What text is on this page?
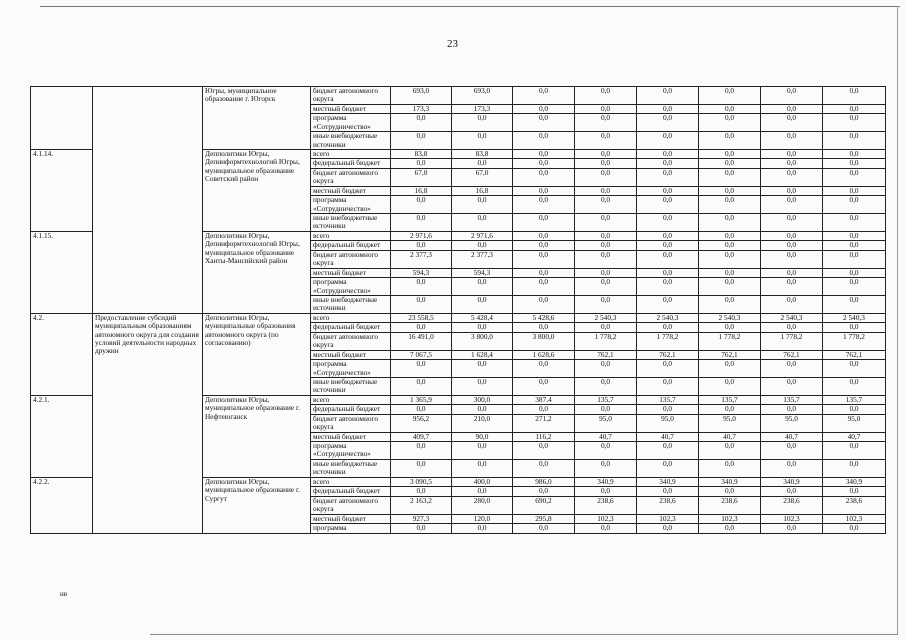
23
		Югры, муниципальное образование г. Югорск	бюджет автономного округа	693,0	693,0	0,0	0,0	0,0	0,0	0,0	0,0
			местный бюджет	173,3	173,3	0,0	0,0	0,0	0,0	0,0	0,0
			программа «Сотрудничество»	0,0	0,0	0,0	0,0	0,0	0,0	0,0	0,0
			иные внебюджетные источники	0,0	0,0	0,0	0,0	0,0	0,0	0,0	0,0
4.1.14.		Депполитики Югры, Депинформтехнологий Югры, муниципальное образование Советский район	всего	83,8	83,8	0,0	0,0	0,0	0,0	0,0	0,0
			федеральный бюджет	0,0	0,0	0,0	0,0	0,0	0,0	0,0	0,0
			бюджет автономного округа	67,0	67,0	0,0	0,0	0,0	0,0	0,0	0,0
			местный бюджет	16,8	16,8	0,0	0,0	0,0	0,0	0,0	0,0
			программа «Сотрудничество»	0,0	0,0	0,0	0,0	0,0	0,0	0,0	0,0
			иные внебюджетные источники	0,0	0,0	0,0	0,0	0,0	0,0	0,0	0,0
4.1.15.		Депполитики Югры, Депинформтехнологий Югры, муниципальное образование Ханты-Мансийский район	всего	2 971,6	2 971,6	0,0	0,0	0,0	0,0	0,0	0,0
			федеральный бюджет	0,0	0,0	0,0	0,0	0,0	0,0	0,0	0,0
			бюджет автономного округа	2 377,3	2 377,3	0,0	0,0	0,0	0,0	0,0	0,0
			местный бюджет	594,3	594,3	0,0	0,0	0,0	0,0	0,0	0,0
			программа «Сотрудничество»	0,0	0,0	0,0	0,0	0,0	0,0	0,0	0,0
			иные внебюджетные источники	0,0	0,0	0,0	0,0	0,0	0,0	0,0	0,0
4.2.	Предоставление субсидий муниципальным образованиям автономного округа для создания условий деятельности народных дружин	Депполитики Югры, муниципальные образования автономного округа (по согласованию)	всего	23 558,5	5 428,4	5 428,6	2 540,3	2 540,3	2 540,3	2 540,3	2 540,3
			федеральный бюджет	0,0	0,0	0,0	0,0	0,0	0,0	0,0	0,0
			бюджет автономного округа	16 491,0	3 800,0	3 800,0	1 778,2	1 778,2	1 778,2	1 778,2	1 778,2
			местный бюджет	7 067,5	1 628,4	1 628,6	762,1	762,1	762,1	762,1	762,1
			программа «Сотрудничество»	0,0	0,0	0,0	0,0	0,0	0,0	0,0	0,0
			иные внебюджетные источники	0,0	0,0	0,0	0,0	0,0	0,0	0,0	0,0
4.2.1.		Депполитики Югры, муниципальное образование г. Нефтеюганск	всего	1 365,9	300,0	387,4	135,7	135,7	135,7	135,7	135,7
			федеральный бюджет	0,0	0,0	0,0	0,0	0,0	0,0	0,0	0,0
			бюджет автономного округа	956,2	210,0	271,2	95,0	95,0	95,0	95,0	95,0
			местный бюджет	409,7	90,0	116,2	40,7	40,7	40,7	40,7	40,7
			программа «Сотрудничество»	0,0	0,0	0,0	0,0	0,0	0,0	0,0	0,0
			иные внебюджетные источники	0,0	0,0	0,0	0,0	0,0	0,0	0,0	0,0
4.2.2.		Депполитики Югры, муниципальное образование г. Сургут	всего	3 090,5	400,0	986,0	340,9	340,9	340,9	340,9	340,9
			федеральный бюджет	0,0	0,0	0,0	0,0	0,0	0,0	0,0	0,0
			бюджет автономного округа	2 163,2	280,0	690,2	238,6	238,6	238,6	238,6	238,6
			местный бюджет	927,3	120,0	295,8	102,3	102,3	102,3	102,3	102,3
			программа	0,0	0,0	0,0	0,0	0,0	0,0	0,0	0,0
нв
